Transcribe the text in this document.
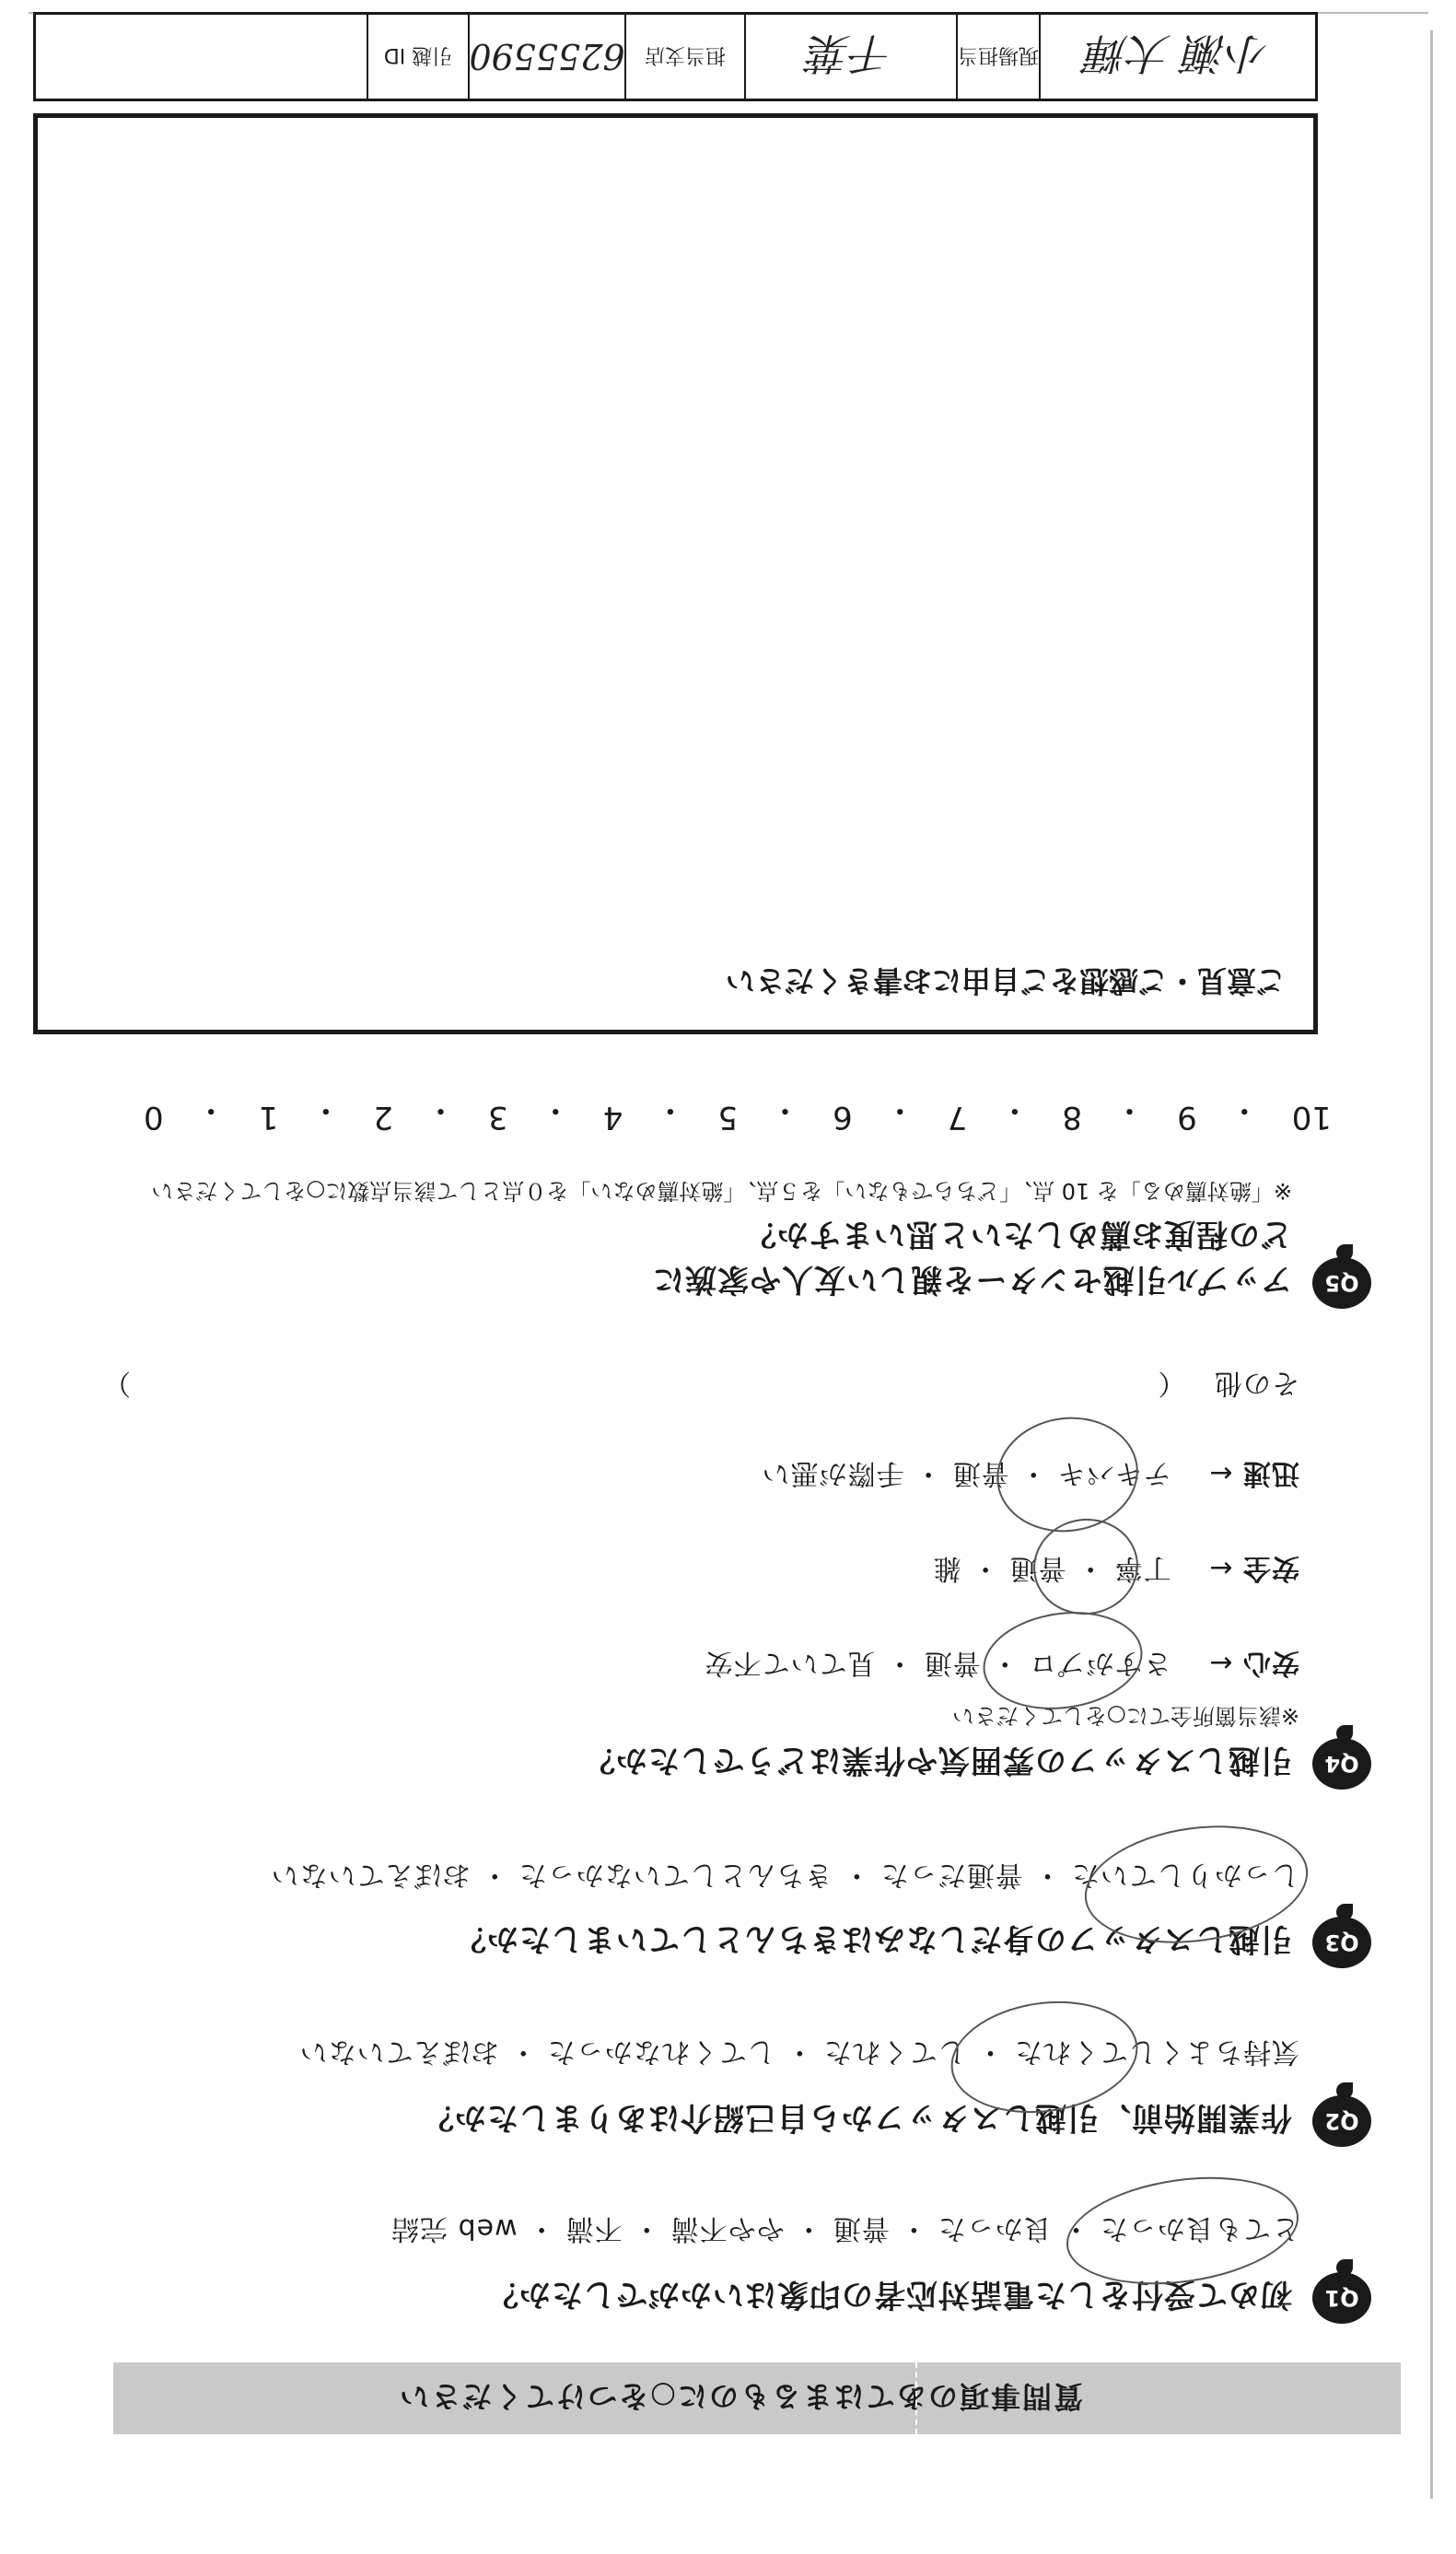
質問事項のあてはまるものに○をつけてください
Q1
初めて受付をした電話対応者の印象はいかがでしたか？
とても良かった ・ 良かった ・ 普通 ・ やや不満 ・ 不満 ・ web 完結
Q2
作業開始前、引越しスタッフから自己紹介はありましたか？
気持ちよくしてくれた ・ してくれた ・ してくれなかった ・ おぼえていない
Q3
引越しスタッフの身だしなみはきちんとしていましたか？
しっかりしていた ・ 普通だった ・ きちんとしていなかった ・ おぼえていない
Q4
引越しスタッフの雰囲気や作業はどうでしたか？
※該当箇所全てに○をしてください
安心 ← さすがプロ ・ 普通 ・ 見ていて不安
安全 ← 丁寧 ・ 普通 ・ 雑
迅速 ← テキパキ ・ 普通 ・ 手際が悪い
その他 （
）
Q5
アップル引越センターを親しい友人や家族に
どの程度お薦めしたいと思いますか？
※「絶対薦める」を 10 点、「どちらでもない」を５点、「絶対薦めない」を０点として該当点数に○をしてください
10
・
9
・
8
・
7
・
6
・
5
・
4
・
3
・
2
・
1
・
0
ご意見・ご感想をご自由にお書きください
小瀬 大輝
現場担当
千葉
担当支店
6255590
引越 ID
